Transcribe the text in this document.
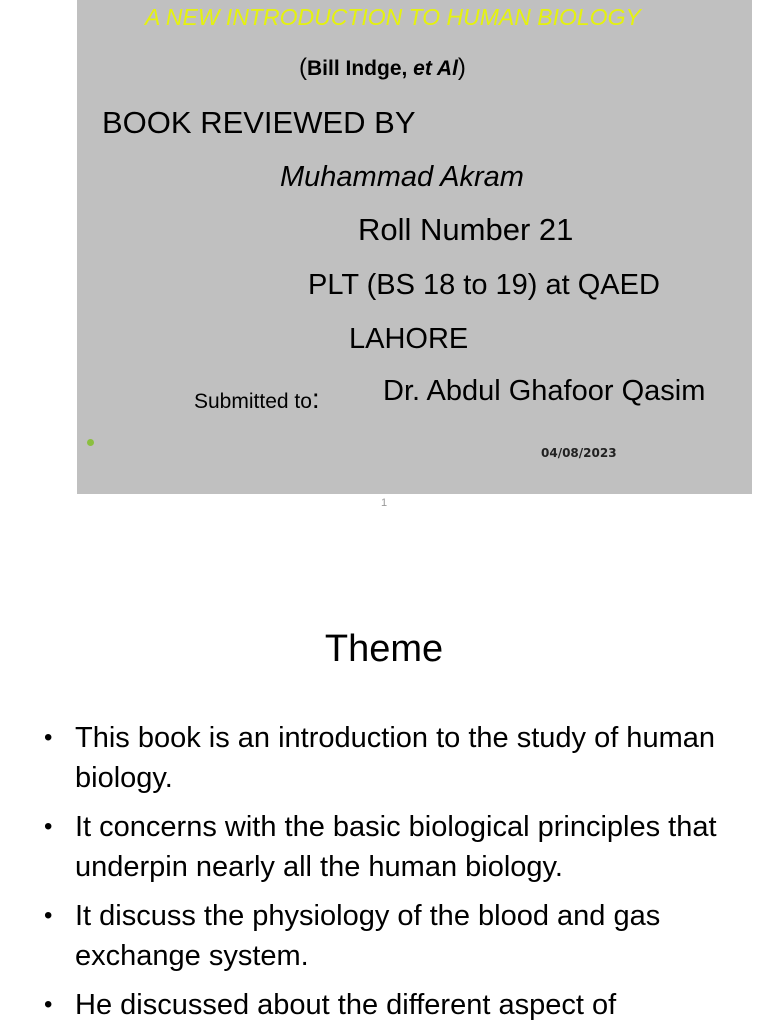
A NEW INTRODUCTION TO HUMAN BIOLOGY
(Bill Indge, et Al)
BOOK REVIEWED BY
Muhammad Akram
Roll Number 21
PLT (BS 18 to 19) at QAED
LAHORE
Submitted to: Dr. Abdul Ghafoor Qasim
04/08/2023
1
Theme
• This book is an introduction to the study of human biology.
• It concerns with the basic biological principles that underpin nearly all the human biology.
• It discuss the physiology of the blood and gas exchange system.
• He discussed about the different aspect of
